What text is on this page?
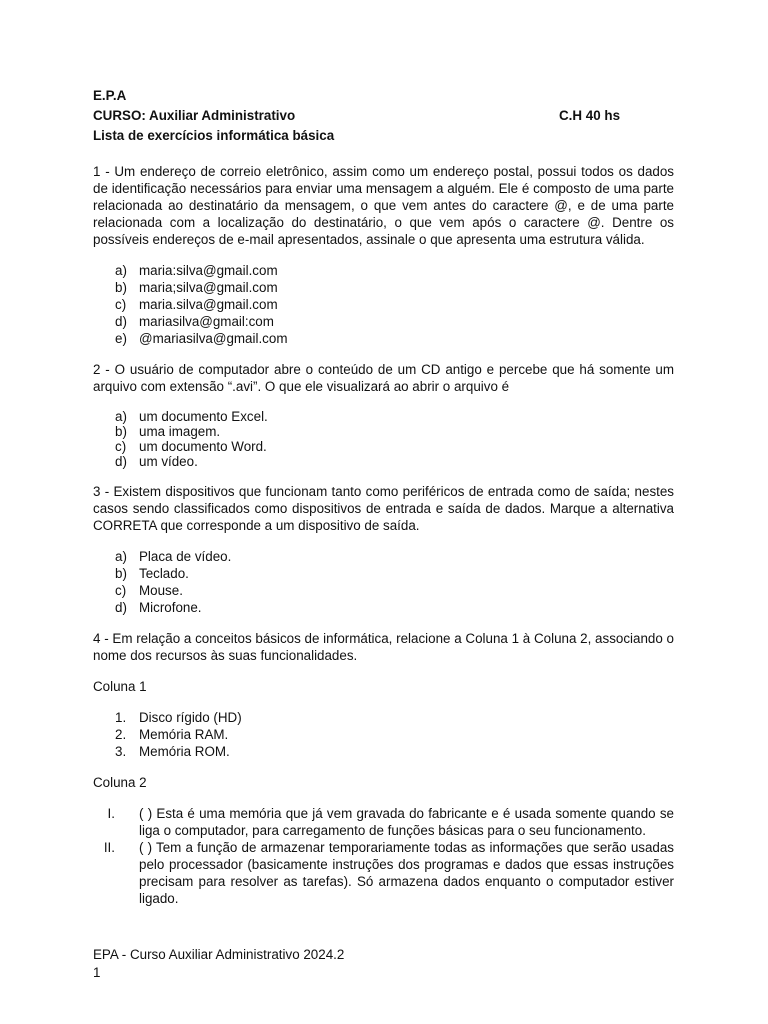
E.P.A

CURSO: Auxiliar Administrativo	C.H 40 hs

Lista de exercícios informática básica

1 - Um endereço de correio eletrônico, assim como um endereço postal, possui todos os dados de identificação necessários para enviar uma mensagem a alguém. Ele é composto de uma parte relacionada ao destinatário da mensagem, o que vem antes do caractere @, e de uma parte relacionada com a localização do destinatário, o que vem após o caractere @. Dentre os possíveis endereços de e-mail apresentados, assinale o que apresenta uma estrutura válida.

a) maria:silva@gmail.com
b) maria;silva@gmail.com
c) maria.silva@gmail.com
d) mariasilva@gmail:com
e) @mariasilva@gmail.com

2 - O usuário de computador abre o conteúdo de um CD antigo e percebe que há somente um arquivo com extensão “.avi”. O que ele visualizará ao abrir o arquivo é

a) um documento Excel.
b) uma imagem.
c) um documento Word.
d) um vídeo.

3 - Existem dispositivos que funcionam tanto como periféricos de entrada como de saída; nestes casos sendo classificados como dispositivos de entrada e saída de dados. Marque a alternativa CORRETA que corresponde a um dispositivo de saída.

a) Placa de vídeo.
b) Teclado.
c) Mouse.
d) Microfone.

4 - Em relação a conceitos básicos de informática, relacione a Coluna 1 à Coluna 2, associando o nome dos recursos às suas funcionalidades.

Coluna 1

1. Disco rígido (HD)
2. Memória RAM.
3. Memória ROM.

Coluna 2

I. ( ) Esta é uma memória que já vem gravada do fabricante e é usada somente quando se liga o computador, para carregamento de funções básicas para o seu funcionamento.
II. ( ) Tem a função de armazenar temporariamente todas as informações que serão usadas pelo processador (basicamente instruções dos programas e dados que essas instruções precisam para resolver as tarefas). Só armazena dados enquanto o computador estiver ligado.
EPA - Curso Auxiliar Administrativo 2024.2
1
